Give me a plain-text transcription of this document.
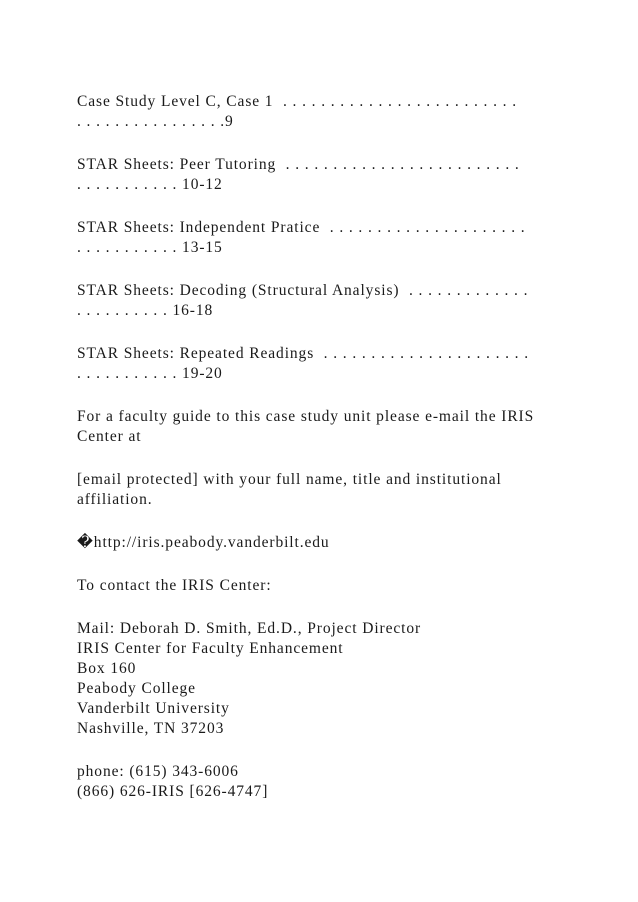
Case Study Level C, Case 1  . . . . . . . . . . . . . . . . . . . . . . . . .

. . . . . . . . . . . . . . . .9

STAR Sheets: Peer Tutoring  . . . . . . . . . . . . . . . . . . . . . . . . .

. . . . . . . . . . . 10-12

STAR Sheets: Independent Pratice  . . . . . . . . . . . . . . . . . . . . .

. . . . . . . . . . . 13-15

STAR Sheets: Decoding (Structural Analysis)  . . . . . . . . . . . . .

. . . . . . . . . . 16-18

STAR Sheets: Repeated Readings  . . . . . . . . . . . . . . . . . . . . . .

. . . . . . . . . . . 19-20

For a faculty guide to this case study unit please e-mail the IRIS

Center at

[email protected] with your full name, title and institutional

affiliation.

�http://iris.peabody.vanderbilt.edu

To contact the IRIS Center:

Mail: Deborah D. Smith, Ed.D., Project Director

IRIS Center for Faculty Enhancement

Box 160

Peabody College

Vanderbilt University

Nashville, TN 37203

phone: (615) 343-6006

(866) 626-IRIS [626-4747]
